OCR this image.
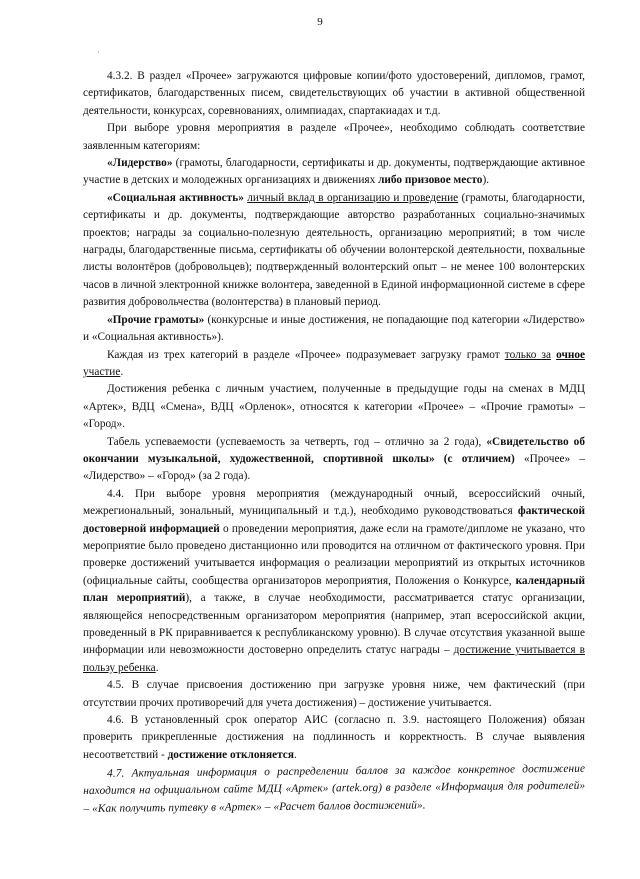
9
·

4.3.2. В раздел «Прочее» загружаются цифровые копии/фото удостоверений, дипломов, грамот, сертификатов, благодарственных писем, свидетельствующих об участии в активной общественной деятельности, конкурсах, соревнованиях, олимпиадах, спартакиадах и т.д.

При выборе уровня мероприятия в разделе «Прочее», необходимо соблюдать соответствие заявленным категориям:

«Лидерство» (грамоты, благодарности, сертификаты и др. документы, подтверждающие активное участие в детских и молодежных организациях и движениях либо призовое место).

«Социальная активность» личный вклад в организацию и проведение (грамоты, благодарности, сертификаты и др. документы, подтверждающие авторство разработанных социально-значимых проектов; награды за социально-полезную деятельность, организацию мероприятий; в том числе награды, благодарственные письма, сертификаты об обучении волонтерской деятельности, похвальные листы волонтёров (добровольцев); подтвержденный волонтерский опыт – не менее 100 волонтерских часов в личной электронной книжке волонтера, заведенной в Единой информационной системе в сфере развития добровольчества (волонтерства) в плановый период.

«Прочие грамоты» (конкурсные и иные достижения, не попадающие под категории «Лидерство» и «Социальная активность»).

Каждая из трех категорий в разделе «Прочее» подразумевает загрузку грамот только за очное участие.

Достижения ребенка с личным участием, полученные в предыдущие годы на сменах в МДЦ «Артек», ВДЦ «Смена», ВДЦ «Орленок», относятся к категории «Прочее» – «Прочие грамоты» – «Город».

Табель успеваемости (успеваемость за четверть, год – отлично за 2 года), «Свидетельство об окончании музыкальной, художественной, спортивной школы» (с отличием) «Прочее» – «Лидерство» – «Город» (за 2 года).

4.4. При выборе уровня мероприятия (международный очный, всероссийский очный, межрегиональный, зональный, муниципальный и т.д.), необходимо руководствоваться фактической достоверной информацией о проведении мероприятия, даже если на грамоте/дипломе не указано, что мероприятие было проведено дистанционно или проводится на отличном от фактического уровня. При проверке достижений учитывается информация о реализации мероприятий из открытых источников (официальные сайты, сообщества организаторов мероприятия, Положения о Конкурсе, календарный план мероприятий), а также, в случае необходимости, рассматривается статус организации, являющейся непосредственным организатором мероприятия (например, этап всероссийской акции, проведенный в РК приравнивается к республиканскому уровню). В случае отсутствия указанной выше информации или невозможности достоверно определить статус награды – достижение учитывается в пользу ребенка.

4.5. В случае присвоения достижению при загрузке уровня ниже, чем фактический (при отсутствии прочих противоречий для учета достижения) – достижение учитывается.

4.6. В установленный срок оператор АИС (согласно п. 3.9. настоящего Положения) обязан проверить прикрепленные достижения на подлинность и корректность. В случае выявления несоответствий - достижение отклоняется.

4.7. Актуальная информация о распределении баллов за каждое конкретное достижение находится на официальном сайте МДЦ «Артек» (artek.org) в разделе «Информация для родителей» – «Как получить путевку в «Артек» – «Расчет баллов достижений».
